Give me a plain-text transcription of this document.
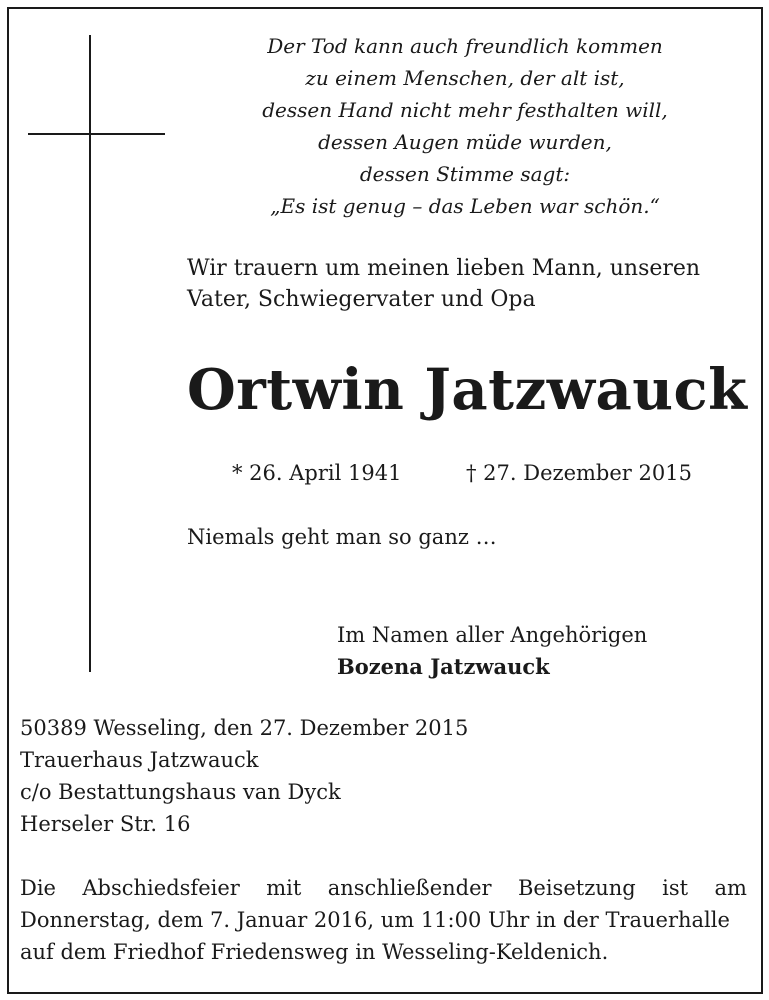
Der Tod kann auch freundlich kommen
zu einem Menschen, der alt ist,
dessen Hand nicht mehr festhalten will,
dessen Augen müde wurden,
dessen Stimme sagt:
„Es ist genug – das Leben war schön.“
Wir trauern um meinen lieben Mann, unseren
Vater, Schwiegervater und Opa
Ortwin Jatzwauck
* 26. April 1941	† 27. Dezember 2015
Niemals geht man so ganz …
Im Namen aller Angehörigen
Bozena Jatzwauck
50389 Wesseling, den 27. Dezember 2015
Trauerhaus Jatzwauck
c/o Bestattungshaus van Dyck
Herseler Str. 16
Die Abschiedsfeier mit anschließender Beisetzung ist am
Donnerstag, dem 7. Januar 2016, um 11:00 Uhr in der Trauerhalle
auf dem Friedhof Friedensweg in Wesseling-Keldenich.
